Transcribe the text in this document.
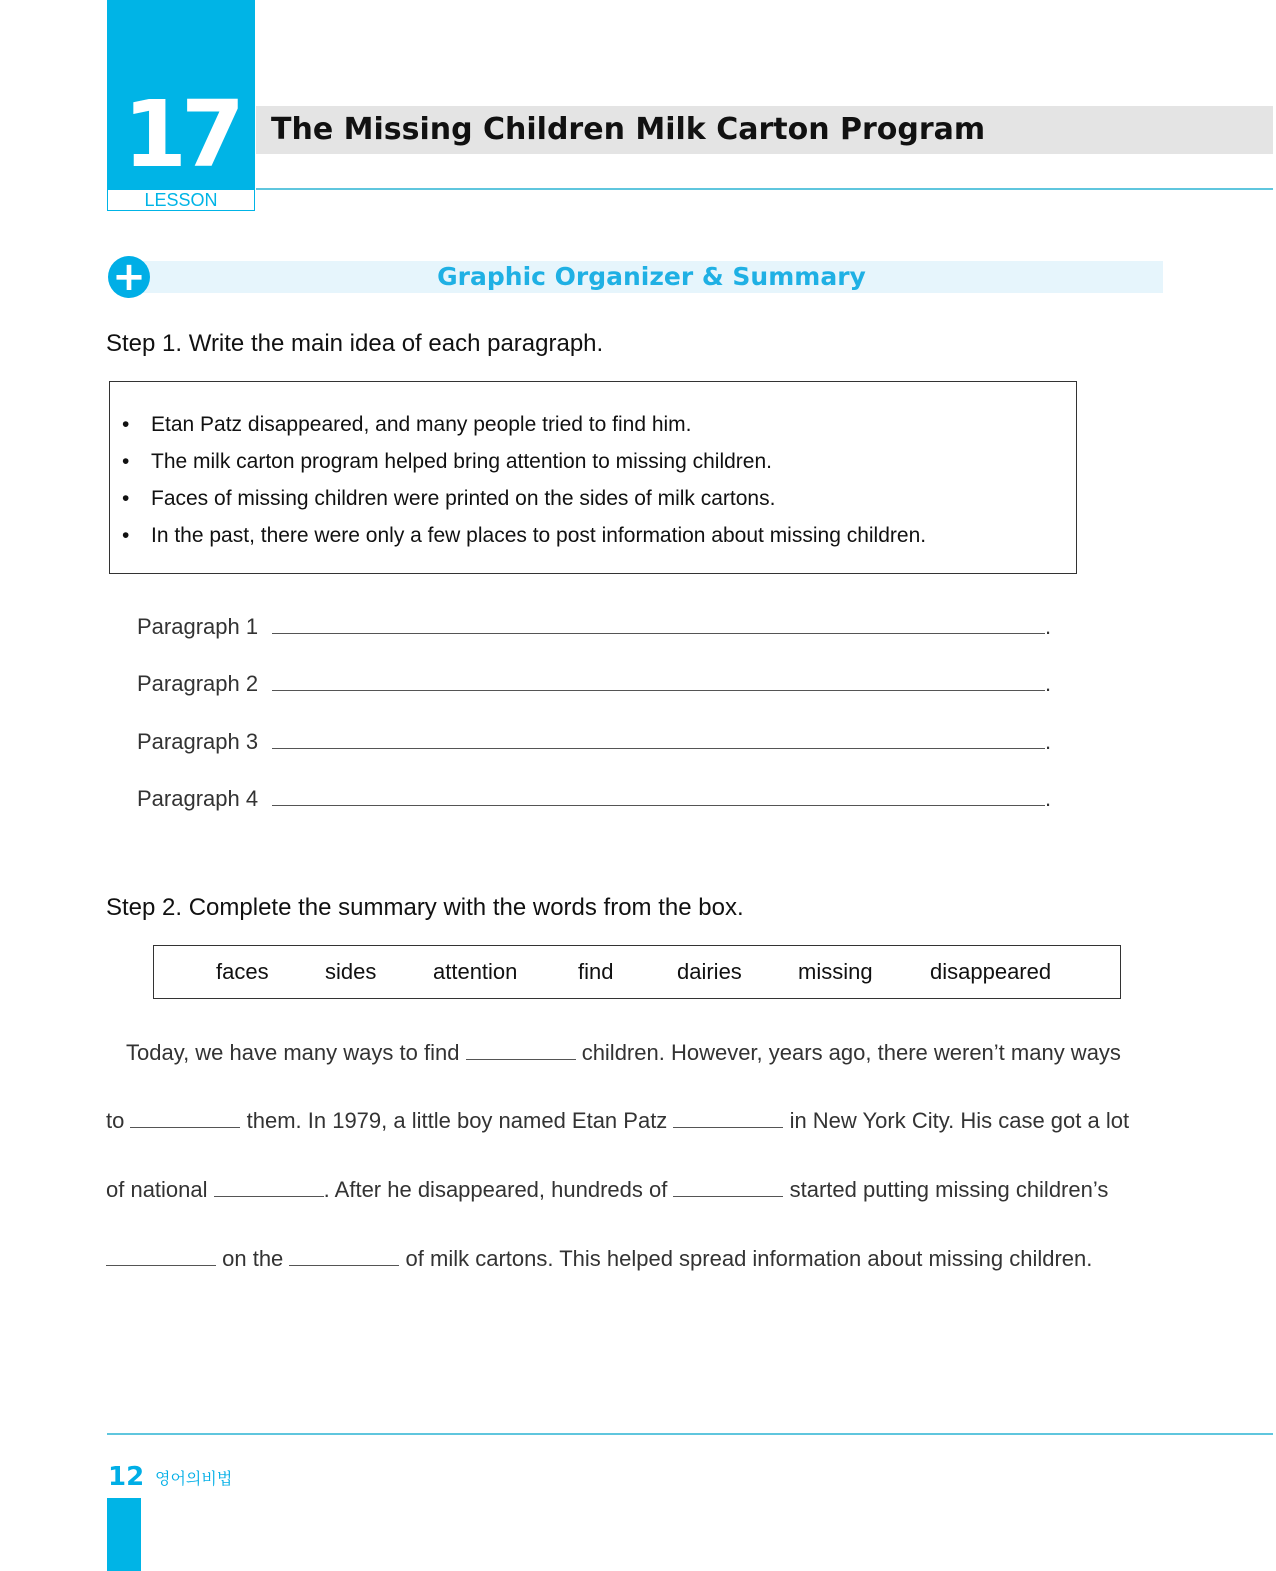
17
LESSON
The Missing Children Milk Carton Program
+	Graphic Organizer & Summary
Step 1. Write the main idea of each paragraph.
• Etan Patz disappeared, and many people tried to find him.
• The milk carton program helped bring attention to missing children.
• Faces of missing children were printed on the sides of milk cartons.
• In the past, there were only a few places to post information about missing children.
Paragraph 1	.
Paragraph 2	.
Paragraph 3	.
Paragraph 4	.
Step 2. Complete the summary with the words from the box.
faces	sides	attention	find	dairies	missing	disappeared
Today, we have many ways to find	children. However, years ago, there weren’t many ways
to	them. In 1979, a little boy named Etan Patz	in New York City. His case got a lot
of national	. After he disappeared, hundreds of	started putting missing children’s
on the	of milk cartons. This helped spread information about missing children.
12 영어의비법
